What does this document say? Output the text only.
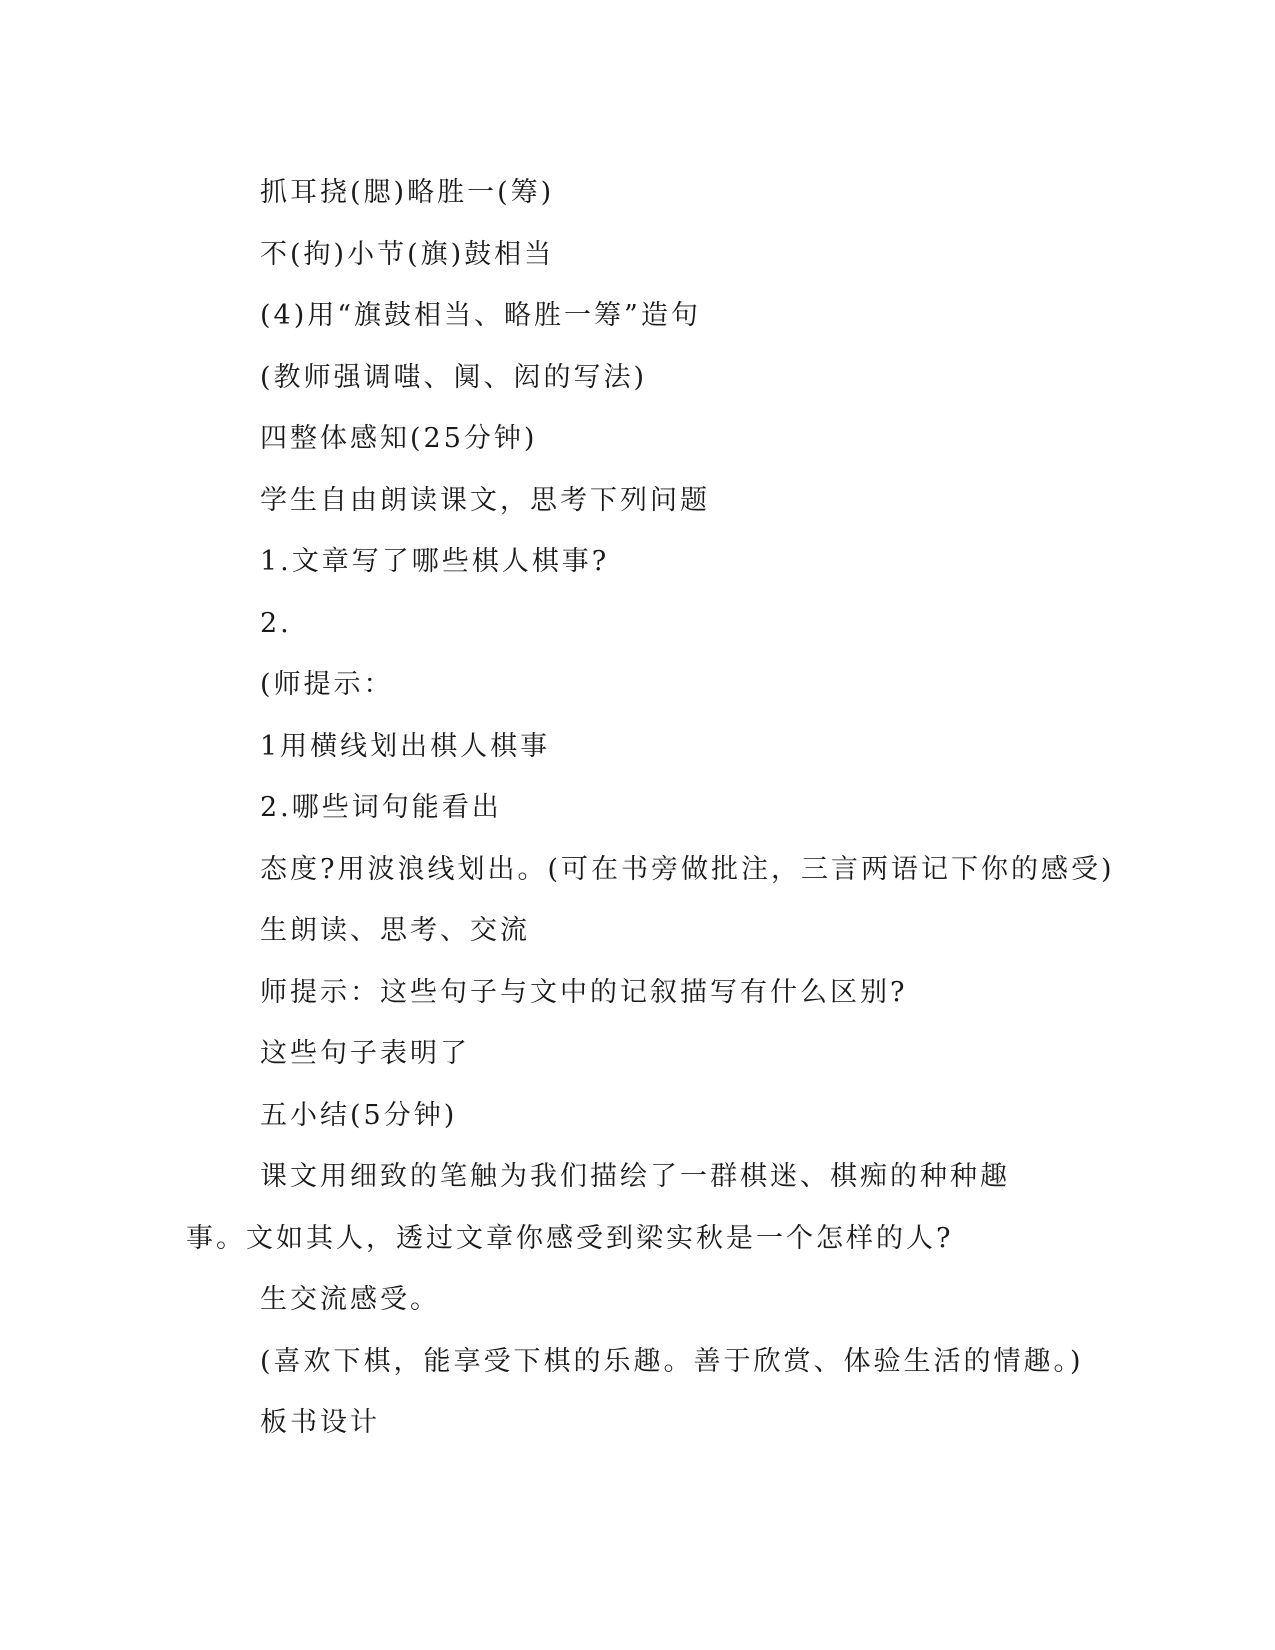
抓耳挠(腮)略胜一(筹)

不(拘)小节(旗)鼓相当

(4)用“旗鼓相当、略胜一筹”造句

(教师强调嗤、阒、闳的写法)

四整体感知(25分钟)

学生自由朗读课文，思考下列问题

1.文章写了哪些棋人棋事?

2.

(师提示：

1用横线划出棋人棋事

2.哪些词句能看出

态度?用波浪线划出。(可在书旁做批注，三言两语记下你的感受)

生朗读、思考、交流

师提示：这些句子与文中的记叙描写有什么区别?

这些句子表明了

五小结(5分钟)

课文用细致的笔触为我们描绘了一群棋迷、棋痴的种种趣事。文如其人，透过文章你感受到梁实秋是一个怎样的人?

生交流感受。

(喜欢下棋，能享受下棋的乐趣。善于欣赏、体验生活的情趣。)

板书设计
